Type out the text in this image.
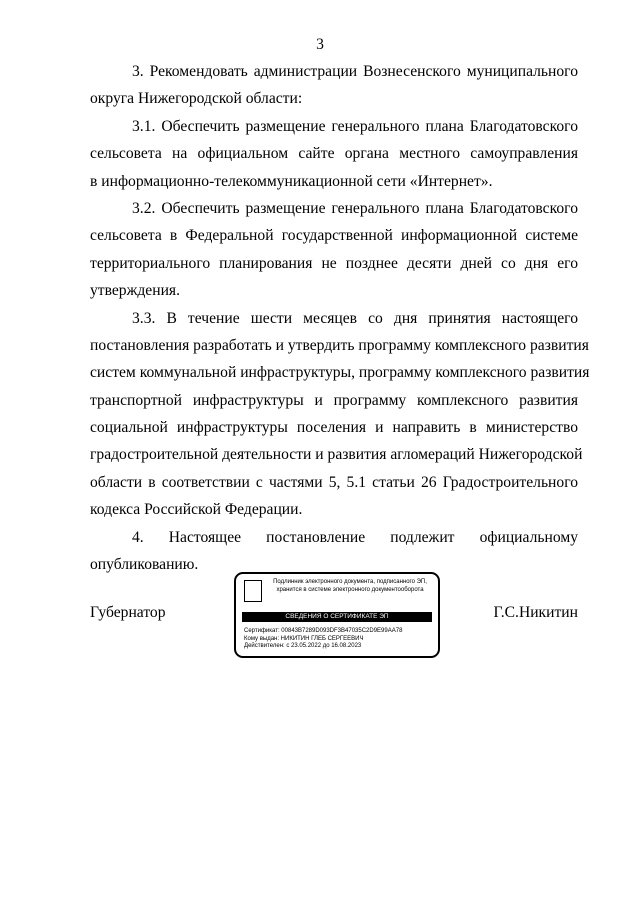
3
3. Рекомендовать администрации Вознесенского муниципального
округа Нижегородской области:
3.1. Обеспечить размещение генерального плана Благодатовского
сельсовета на официальном сайте органа местного самоуправления
в информационно-телекоммуникационной сети «Интернет».
3.2. Обеспечить размещение генерального плана Благодатовского
сельсовета в Федеральной государственной информационной системе
территориального планирования не позднее десяти дней со дня его
утверждения.
3.3. В течение шести месяцев со дня принятия настоящего
постановления разработать и утвердить программу комплексного развития
систем коммунальной инфраструктуры, программу комплексного развития
транспортной инфраструктуры и программу комплексного развития
социальной инфраструктуры поселения и направить в министерство
градостроительной деятельности и развития агломераций Нижегородской
области в соответствии с частями 5, 5.1 статьи 26 Градостроительного
кодекса Российской Федерации.
4. Настоящее постановление подлежит официальному
опубликованию.
Губернатор
Подлинник электронного документа, подписанного ЭП, хранится в системе электронного документооборота
СВЕДЕНИЯ О СЕРТИФИКАТЕ ЭП
Сертификат: 00843B7289D093DF3B47035C2D9E99AA78
Кому выдан: НИКИТИН ГЛЕБ СЕРГЕЕВИЧ
Действителен: с 23.05.2022 до 16.08.2023
Г.С.Никитин
